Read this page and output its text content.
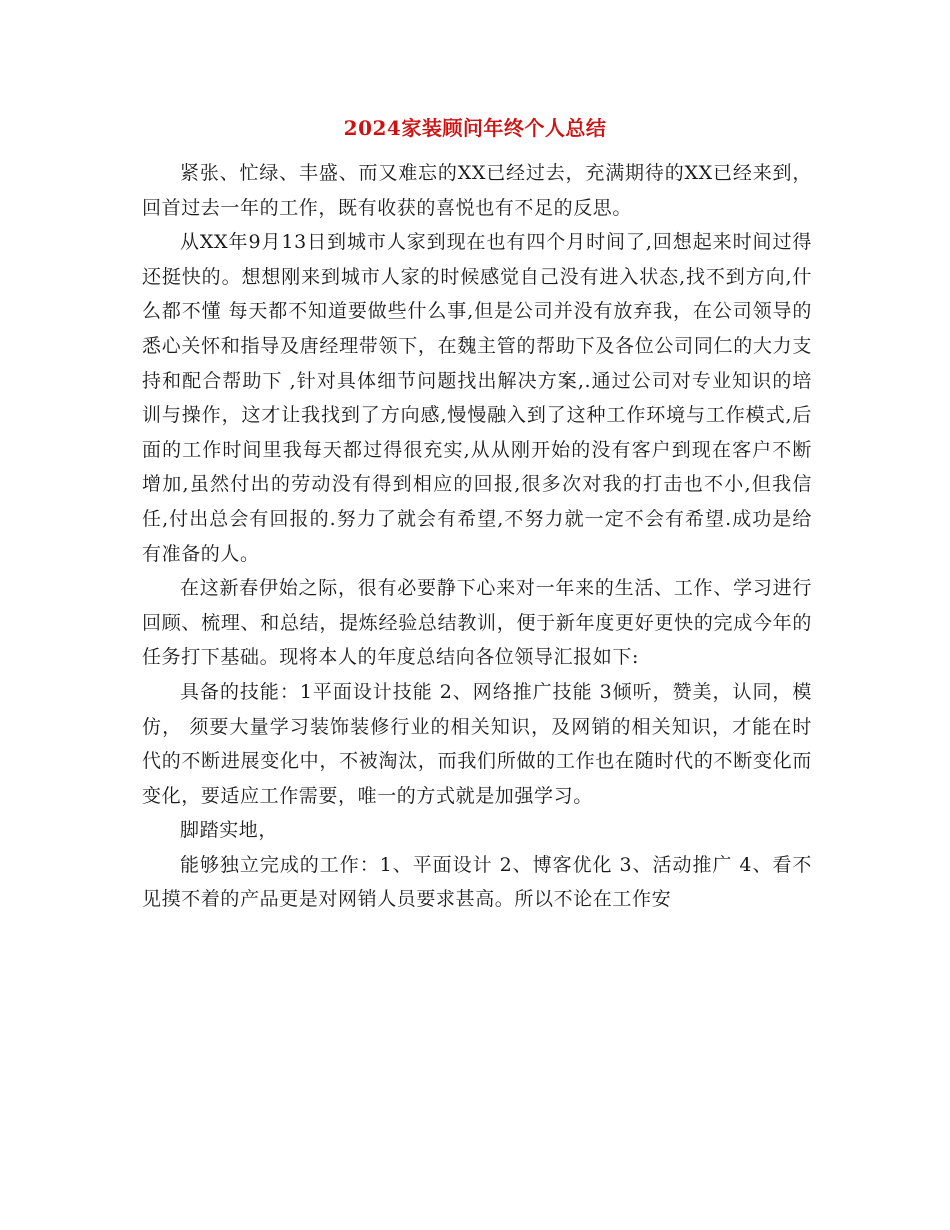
2024家装顾问年终个人总结

紧张、忙绿、丰盛、而又难忘的XX已经过去，充满期待的XX已经来到，回首过去一年的工作，既有收获的喜悦也有不足的反思。

从XX年9月13日到城市人家到现在也有四个月时间了,回想起来时间过得还挺快的。想想刚来到城市人家的时候感觉自己没有进入状态,找不到方向,什么都不懂 每天都不知道要做些什么事,但是公司并没有放弃我，在公司领导的悉心关怀和指导及唐经理带领下，在魏主管的帮助下及各位公司同仁的大力支持和配合帮助下 ,针对具体细节问题找出解决方案,.通过公司对专业知识的培训与操作，这才让我找到了方向感,慢慢融入到了这种工作环境与工作模式,后面的工作时间里我每天都过得很充实,从从刚开始的没有客户到现在客户不断增加,虽然付出的劳动没有得到相应的回报,很多次对我的打击也不小,但我信任,付出总会有回报的.努力了就会有希望,不努力就一定不会有希望.成功是给有准备的人。

在这新春伊始之际，很有必要静下心来对一年来的生活、工作、学习进行回顾、梳理、和总结，提炼经验总结教训，便于新年度更好更快的完成今年的任务打下基础。现将本人的年度总结向各位领导汇报如下:

具备的技能：1平面设计技能 2、网络推广技能 3倾听，赞美，认同，模仿， 须要大量学习装饰装修行业的相关知识，及网销的相关知识，才能在时代的不断进展变化中，不被淘汰，而我们所做的工作也在随时代的不断变化而变化，要适应工作需要，唯一的方式就是加强学习。

脚踏实地，

能够独立完成的工作：1、平面设计 2、博客优化 3、活动推广 4、看不见摸不着的产品更是对网销人员要求甚高。所以不论在工作安
